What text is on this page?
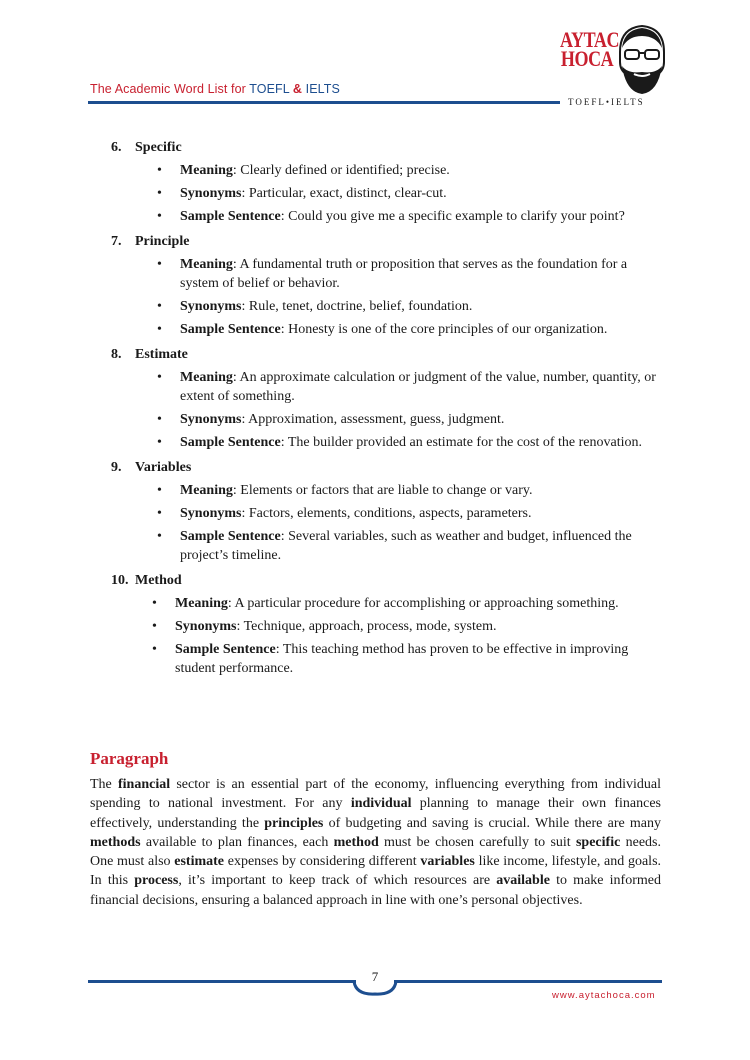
The Academic Word List for TOEFL & IELTS
AYTAC
HOCA
TOEFL•IELTS

6. Specific

• Meaning: Clearly defined or identified; precise.
• Synonyms: Particular, exact, distinct, clear-cut.
• Sample Sentence: Could you give me a specific example to clarify your point?

7. Principle

• Meaning: A fundamental truth or proposition that serves as the foundation for a system of belief or behavior.
• Synonyms: Rule, tenet, doctrine, belief, foundation.
• Sample Sentence: Honesty is one of the core principles of our organization.

8. Estimate

• Meaning: An approximate calculation or judgment of the value, number, quantity, or extent of something.
• Synonyms: Approximation, assessment, guess, judgment.
• Sample Sentence: The builder provided an estimate for the cost of the renovation.

9. Variables

• Meaning: Elements or factors that are liable to change or vary.
• Synonyms: Factors, elements, conditions, aspects, parameters.
• Sample Sentence: Several variables, such as weather and budget, influenced the project’s timeline.

10. Method

• Meaning: A particular procedure for accomplishing or approaching something.
• Synonyms: Technique, approach, process, mode, system.
• Sample Sentence: This teaching method has proven to be effective in improving student performance.
Paragraph

The financial sector is an essential part of the economy, influencing everything from individual spending to national investment. For any individual planning to manage their own finances effectively, understanding the principles of budgeting and saving is crucial. While there are many methods available to plan finances, each method must be chosen carefully to suit specific needs. One must also estimate expenses by considering different variables like income, lifestyle, and goals. In this process, it’s important to keep track of which resources are available to make informed financial decisions, ensuring a balanced approach in line with one’s personal objectives.

7
www.aytachoca.com
